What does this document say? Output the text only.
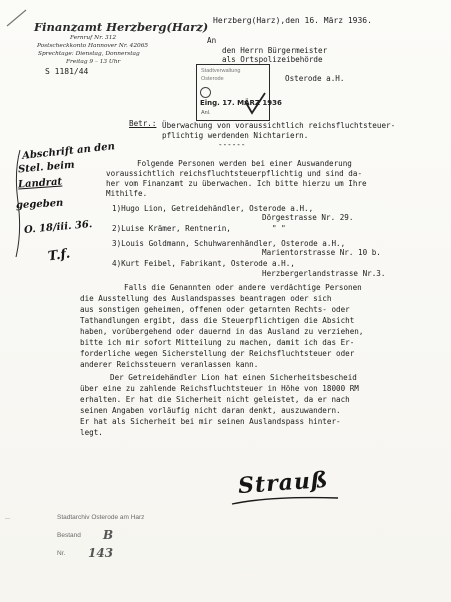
Finanzamt Herzberg(Harz)
Fernruf Nr. 312
Postscheckkonto Hannover Nr. 42065
Sprechtage: Dienstag, Donnerstag
Freitag 9 – 13 Uhr
S 1181/44
Herzberg(Harz),den 16. März 1936.
An
den Herrn Bürgermeister
als Ortspolizeibehörde
Osterode a.H.
Stadtverwaltung
Osterode
Eing. 17. MÄRZ 1936
Anl.
Betr.: Überwachung von voraussichtlich reichsfluchtsteuer-
pflichtig werdenden Nichtariern.
------
Folgende Personen werden bei einer Auswanderung
voraussichtlich reichsfluchtsteuerpflichtig und sind da-
her vom Finanzamt zu überwachen. Ich bitte hierzu um Ihre
Mithilfe.
1)Hugo Lion, Getreidehändler, Osterode a.H.,
Dörgestrasse Nr. 29.
2)Luise Krämer, Rentnerin,	" "
3)Louis Goldmann, Schuhwarenhändler, Osterode a.H.,
Marientorstrasse Nr. 10 b.
4)Kurt Feibel, Fabrikant, Osterode a.H.,
Herzbergerlandstrasse Nr.3.
Falls die Genannten oder andere verdächtige Personen
die Ausstellung des Auslandspasses beantragen oder sich
aus sonstigen geheimen, offenen oder getarnten Rechts- oder
Tathandlungen ergibt, dass die Steuerpflichtigen die Absicht
haben, vorübergehend oder dauernd in das Ausland zu verziehen,
bitte ich mir sofort Mitteilung zu machen, damit ich das Er-
forderliche wegen Sicherstellung der Reichsfluchtsteuer oder
anderer Reichssteuern veranlassen kann.
Der Getreidehändler Lion hat einen Sicherheitsbescheid
über eine zu zahlende Reichsfluchtsteuer in Höhe von 18000 RM
erhalten. Er hat die Sicherheit nicht geleistet, da er nach
seinen Angaben vorläufig nicht daran denkt, auszuwandern.
Er hat als Sicherheit bei mir seinen Auslandspass hinter-
legt.
Strauß
Abschrift an den
Stel. beim
Landrat
gegeben
O. 18/iii. 36.
T.f.
—	Stadtarchiv Osterode am Harz
Bestand B
Nr. 143
